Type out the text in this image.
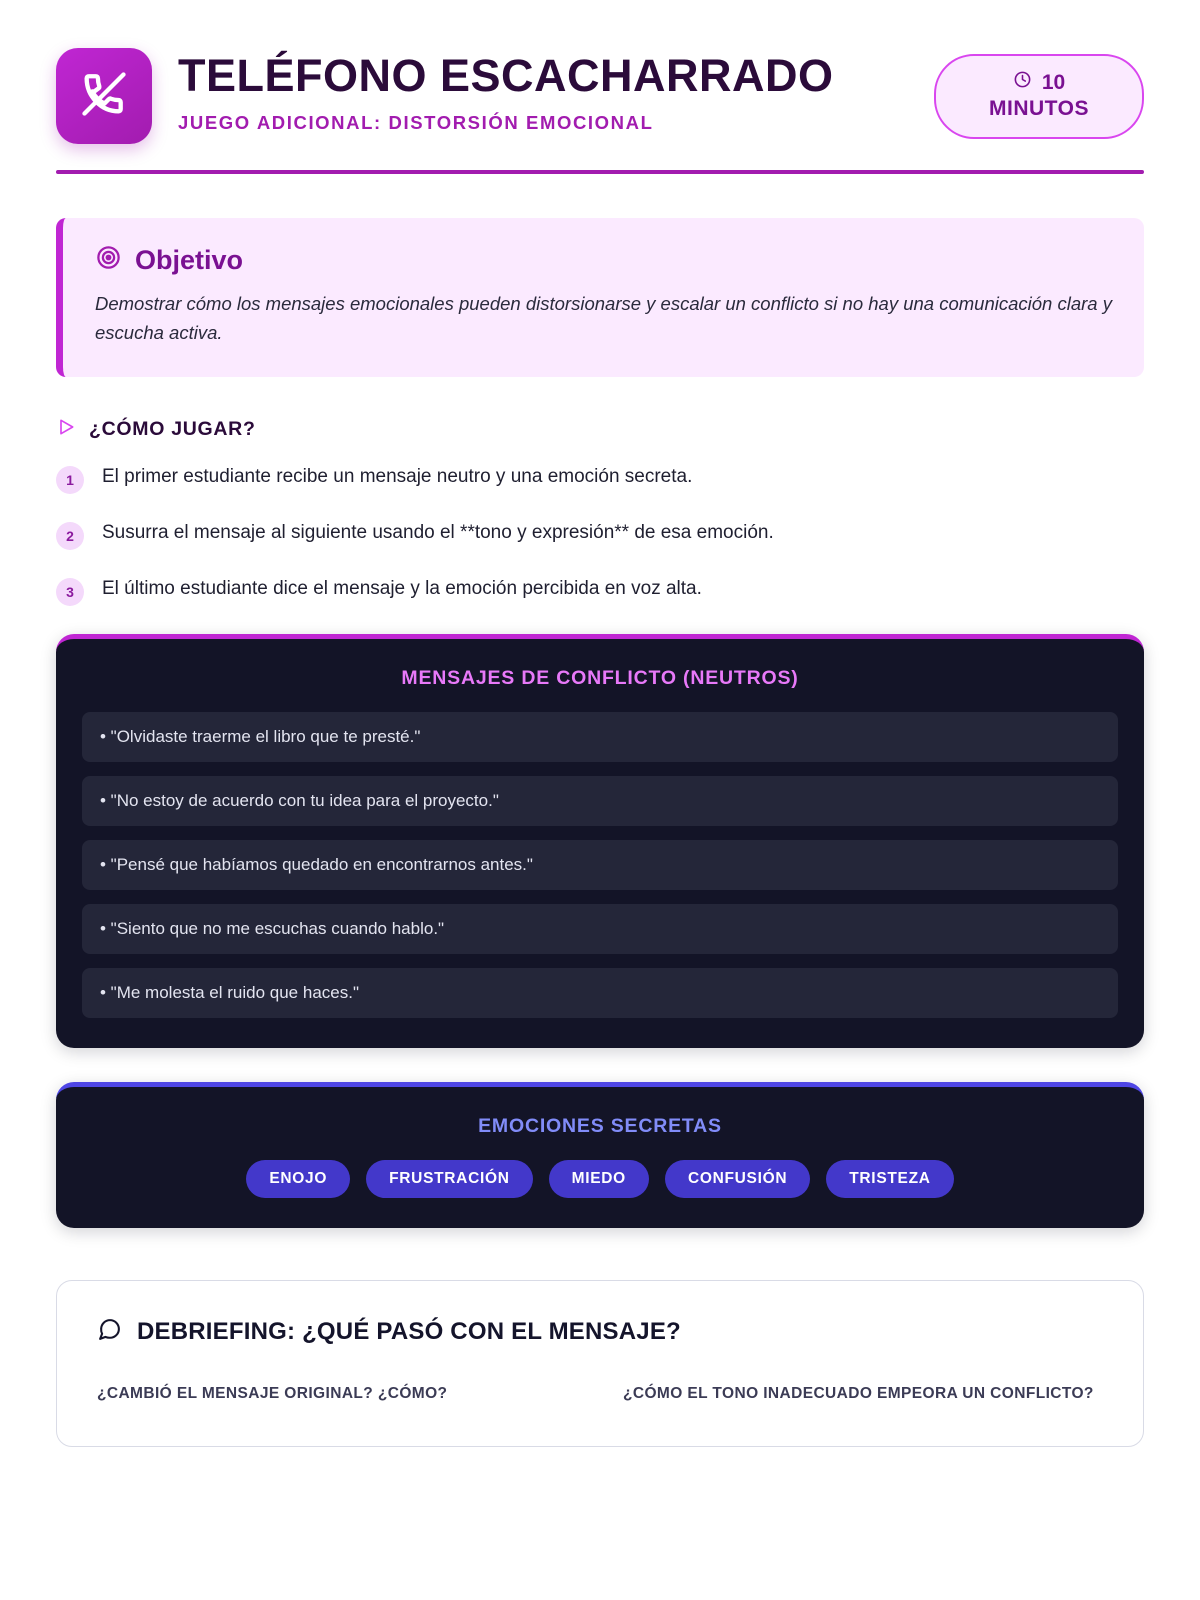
TELÉFONO ESCACHARRADO
JUEGO ADICIONAL: DISTORSIÓN EMOCIONAL
10
MINUTOS
Objetivo
Demostrar cómo los mensajes emocionales pueden distorsionarse y escalar un conflicto si no hay una comunicación clara y escucha activa.
¿CÓMO JUGAR?
1	El primer estudiante recibe un mensaje neutro y una emoción secreta.
2	Susurra el mensaje al siguiente usando el **tono y expresión** de esa emoción.
3	El último estudiante dice el mensaje y la emoción percibida en voz alta.
MENSAJES DE CONFLICTO (NEUTROS)
• "Olvidaste traerme el libro que te presté."
• "No estoy de acuerdo con tu idea para el proyecto."
• "Pensé que habíamos quedado en encontrarnos antes."
• "Siento que no me escuchas cuando hablo."
• "Me molesta el ruido que haces."
EMOCIONES SECRETAS
ENOJO	FRUSTRACIÓN	MIEDO	CONFUSIÓN	TRISTEZA
DEBRIEFING: ¿QUÉ PASÓ CON EL MENSAJE?
¿CAMBIÓ EL MENSAJE ORIGINAL? ¿CÓMO?	¿CÓMO EL TONO INADECUADO EMPEORA UN CONFLICTO?
